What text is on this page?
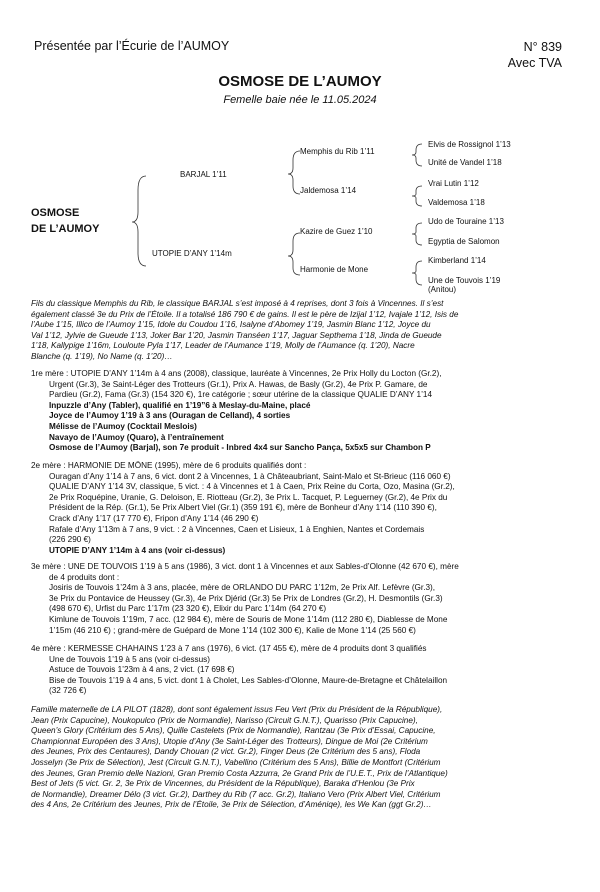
Présentée par l’Écurie de l’AUMOY	N° 839
Avec TVA
OSMOSE DE L’AUMOY
Femelle baie née le 11.05.2024
OSMOSE
DE L’AUMOY
BARJAL 1’11
UTOPIE D’ANY 1’14m
Memphis du Rib 1’11
Jaldemosa 1’14
Kazire de Guez 1’10
Harmonie de Mone
Elvis de Rossignol 1’13
Unité de Vandel 1’18
Vrai Lutin 1’12
Valdemosa 1’18
Udo de Touraine 1’13
Egyptia de Salomon
Kimberland 1’14
Une de Touvois 1’19
(Anitou)
Fils du classique Memphis du Rib, le classique BARJAL s’est imposé à 4 reprises, dont 3 fois à Vincennes. Il s’est
également classé 3e du Prix de l’Étoile. Il a totalisé 186 790 € de gains. Il est le père de Izijal 1’12, Ivajale 1’12, Isis de
l’Aube 1’15, Illico de l’Aumoy 1’15, Idole du Coudou 1’16, Isalyne d’Abomey 1’19, Jasmin Blanc 1’12, Joyce du
Val 1’12, Jylvie de Gueude 1’13, Joker Bar 1’20, Jasmin Transéen 1’17, Jaguar Septhema 1’18, Jinda de Gueude
1’18, Kallypige 1’16m, Louloute Pyla 1’17, Leader de l’Aumance 1’19, Molly de l’Aumance (q. 1’20), Nacre
Blanche (q. 1’19), No Name (q. 1’20)…
1re mère : UTOPIE D’ANY 1’14m à 4 ans (2008), classique, lauréate à Vincennes, 2e Prix Holly du Locton (Gr.2),
Urgent (Gr.3), 3e Saint-Léger des Trotteurs (Gr.1), Prix A. Hawas, de Basly (Gr.2), 4e Prix P. Gamare, de
Pardieu (Gr.2), Fama (Gr.3) (154 320 €), 1re catégorie ; sœur utérine de la classique QUALIE D’ANY 1’14
Inpuzzle d’Any (Tabler), qualifié en 1’19”6 à Meslay-du-Maine, placé
Joyce de l’Aumoy 1’19 à 3 ans (Ouragan de Celland), 4 sorties
Mélisse de l’Aumoy (Cocktail Meslois)
Navayo de l’Aumoy (Quaro), à l’entraînement
Osmose de l’Aumoy (Barjal), son 7e produit - Inbred 4x4 sur Sancho Pança, 5x5x5 sur Chambon P
2e mère : HARMONIE DE MÔNE (1995), mère de 6 produits qualifiés dont :
Ouragan d’Any 1’14 à 7 ans, 6 vict. dont 2 à Vincennes, 1 à Châteaubriant, Saint-Malo et St-Brieuc (116 060 €)
QUALIE D’ANY 1’14 3V, classique, 5 vict. : 4 à Vincennes et 1 à Caen, Prix Reine du Corta, Ozo, Masina (Gr.2),
2e Prix Roquépine, Uranie, G. Deloison, E. Riotteau (Gr.2), 3e Prix L. Tacquet, P. Leguerney (Gr.2), 4e Prix du
Président de la Rép. (Gr.1), 5e Prix Albert Viel (Gr.1) (359 191 €), mère de Bonheur d’Any 1’14 (110 390 €),
Crack d’Any 1’17 (17 770 €), Fripon d’Any 1’14 (46 290 €)
Rafale d’Any 1’13m à 7 ans, 9 vict. : 2 à Vincennes, Caen et Lisieux, 1 à Enghien, Nantes et Cordemais
(226 290 €)
UTOPIE D’ANY 1’14m à 4 ans (voir ci-dessus)
3e mère : UNE DE TOUVOIS 1’19 à 5 ans (1986), 3 vict. dont 1 à Vincennes et aux Sables-d’Olonne (42 670 €), mère
de 4 produits dont :
Josiris de Touvois 1’24m à 3 ans, placée, mère de ORLANDO DU PARC 1’12m, 2e Prix Alf. Lefèvre (Gr.3),
3e Prix du Pontavice de Heussey (Gr.3), 4e Prix Djérid (Gr.3) 5e Prix de Londres (Gr.2), H. Desmontils (Gr.3)
(498 670 €), Urfist du Parc 1’17m (23 320 €), Elixir du Parc 1’14m (64 270 €)
Kimlune de Touvois 1’19m, 7 acc. (12 984 €), mère de Souris de Mone 1’14m (112 280 €), Diablesse de Mone
1’15m (46 210 €) ; grand-mère de Guépard de Mone 1’14 (102 300 €), Kalie de Mone 1’14 (25 560 €)
4e mère : KERMESSE CHAHAINS 1’23 à 7 ans (1976), 6 vict. (17 455 €), mère de 4 produits dont 3 qualifiés
Une de Touvois 1’19 à 5 ans (voir ci-dessus)
Astuce de Touvois 1’23m à 4 ans, 2 vict. (17 698 €)
Bise de Touvois 1’19 à 4 ans, 5 vict. dont 1 à Cholet, Les Sables-d’Olonne, Maure-de-Bretagne et Châtelaillon
(32 726 €)
Famille maternelle de LA PILOT (1828), dont sont également issus Feu Vert (Prix du Président de la République),
Jean (Prix Capucine), Noukopulco (Prix de Normandie), Narisso (Circuit G.N.T.), Quarisso (Prix Capucine),
Queen’s Glory (Critérium des 5 Ans), Quille Castelets (Prix de Normandie), Rantzau (3e Prix d’Essai, Capucine,
Championnat Européen des 3 Ans), Utopie d’Any (3e Saint-Léger des Trotteurs), Dingue de Moi (2e Critérium
des Jeunes, Prix des Centaures), Dandy Chouan (2 vict. Gr.2), Finger Deus (2e Critérium des 5 ans), Floda
Josselyn (3e Prix de Sélection), Jest (Circuit G.N.T.), Vabellino (Critérium des 5 Ans), Billie de Montfort (Critérium
des Jeunes, Gran Premio delle Nazioni, Gran Premio Costa Azzurra, 2e Grand Prix de l’U.E.T., Prix de l’Atlantique)
Best of Jets (5 vict. Gr. 2, 3e Prix de Vincennes, du Président de la République), Baraka d’Henlou (3e Prix
de Normandie), Dreamer Délo (3 vict. Gr.2), Darthey du Rib (7 acc. Gr.2), Italiano Vero (Prix Albert Viel, Critérium
des 4 Ans, 2e Critérium des Jeunes, Prix de l’Étoile, 3e Prix de Sélection, d’Améniqe), les We Kan (ggt Gr.2)…
